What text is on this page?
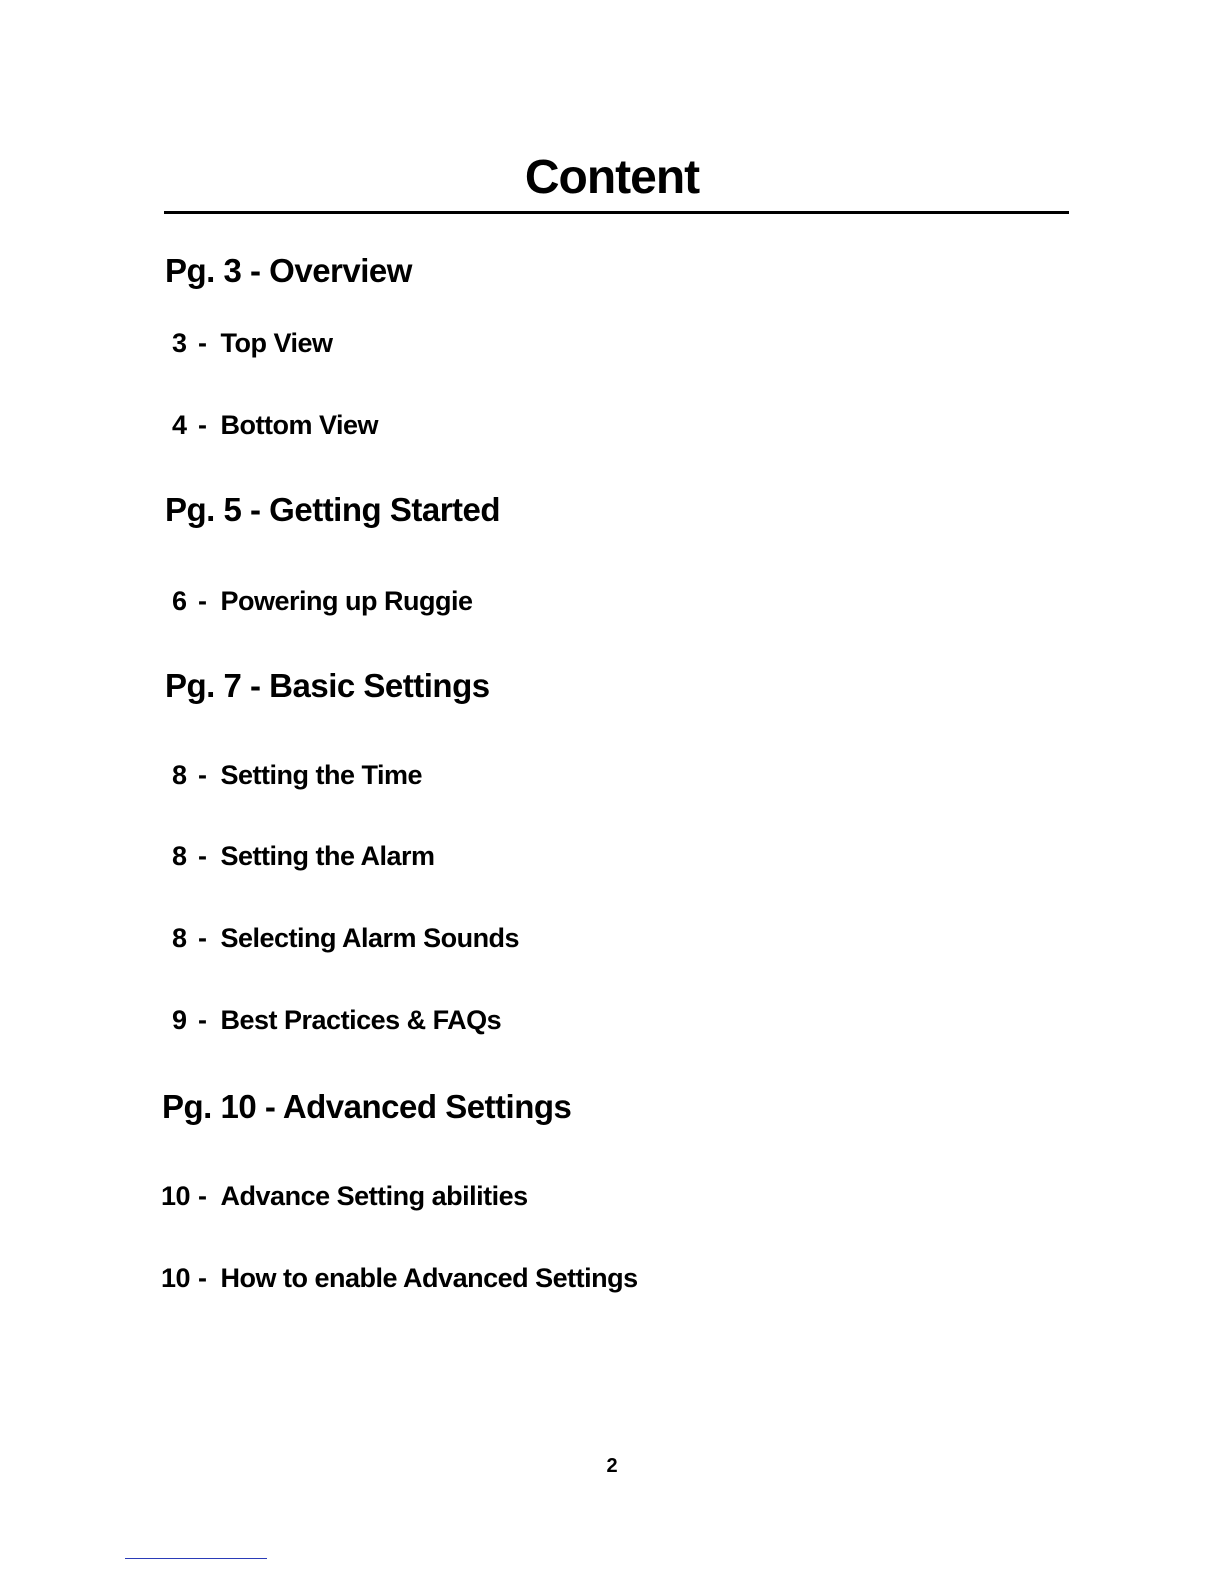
Content
Pg. 3 - Overview
3 - Top View
4 - Bottom View
Pg. 5 - Getting Started
6 - Powering up Ruggie
Pg. 7 - Basic Settings
8 - Setting the Time
8 - Setting the Alarm
8 - Selecting Alarm Sounds
9 - Best Practices & FAQs
Pg. 10 - Advanced Settings
10 - Advance Setting abilities
10 - How to enable Advanced Settings
2
